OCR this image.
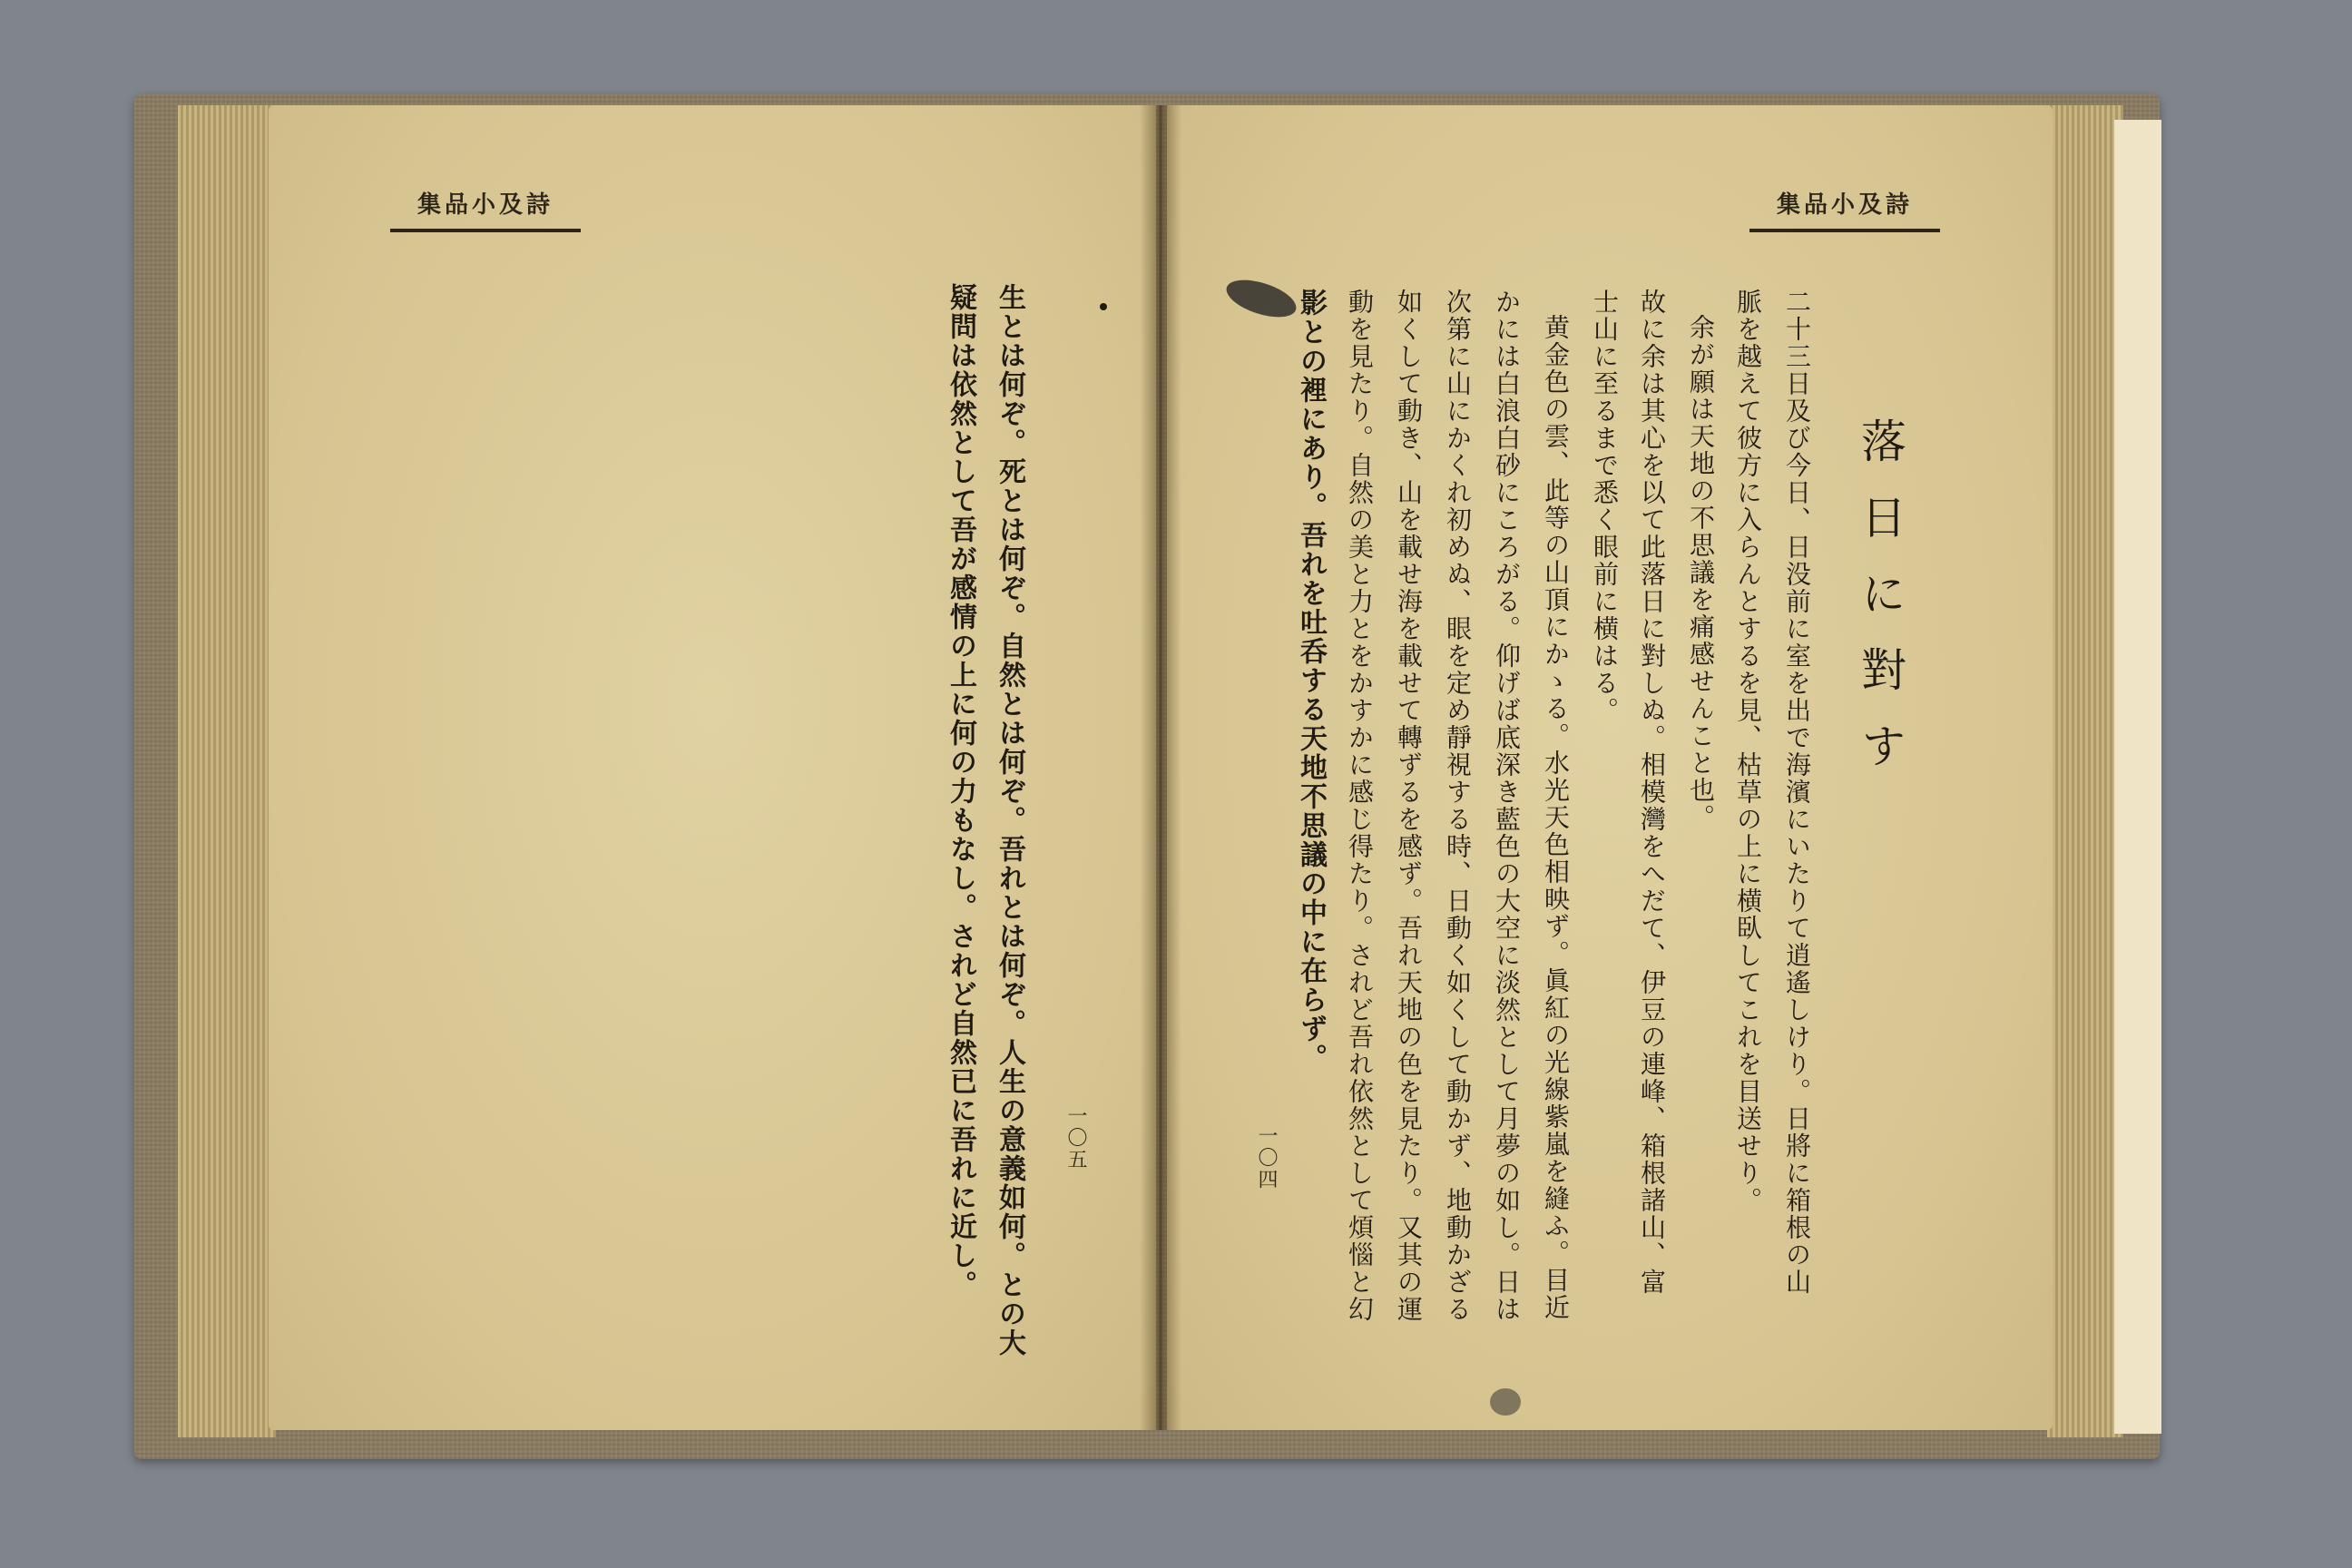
集品小及詩
生とは何ぞ。死とは何ぞ。自然とは何ぞ。吾れとは何ぞ。人生の意義如何。との大
疑問は依然として吾が感情の上に何の力もなし。されど自然已に吾れに近し。	一〇五
集品小及詩
落日に對す
二十三日及び今日、日没前に室を出で海濱にいたりて逍遙しけり。日將に箱根の山
脈を越えて彼方に入らんとするを見、枯草の上に横臥してこれを目送せり。
余が願は天地の不思議を痛感せんこと也。
故に余は其心を以て此落日に對しぬ。相模灣をへだて、伊豆の連峰、箱根諸山、富
士山に至るまで悉く眼前に横はる。
黄金色の雲、此等の山頂にかゝる。水光天色相映ず。眞紅の光線紫嵐を縫ふ。目近
かには白浪白砂にころがる。仰げば底深き藍色の大空に淡然として月夢の如し。日は
次第に山にかくれ初めぬ、眼を定め靜視する時、日動く如くして動かず、地動かざる
如くして動き、山を載せ海を載せて轉ずるを感ず。吾れ天地の色を見たり。又其の運
動を見たり。自然の美と力とをかすかに感じ得たり。されど吾れ依然として煩惱と幻
影との裡にあり。吾れを吐呑する天地不思議の中に在らず。
一〇四
